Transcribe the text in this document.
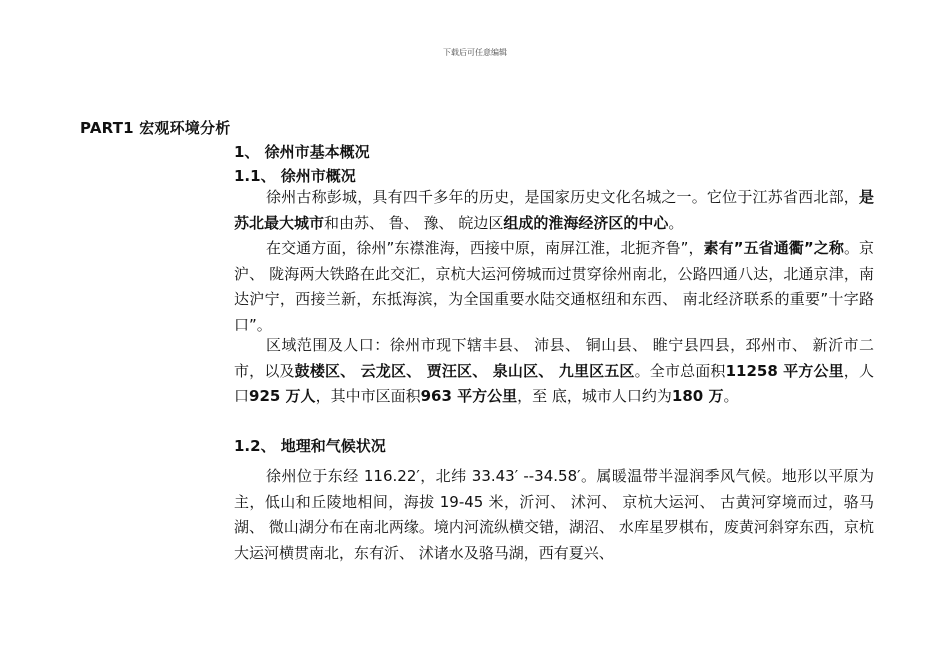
下载后可任意编辑
PART1 宏观环境分析
1、 徐州市基本概况
1.1、 徐州市概况
徐州古称彭城，具有四千多年的历史，是国家历史文化名城之一。它位于江苏省西北部，是苏北最大城市和由苏、 鲁、 豫、 皖边区组成的淮海经济区的中心。
在交通方面，徐州”东襟淮海，西接中原，南屏江淮，北扼齐鲁”，素有”五省通衢”之称。京沪、 陇海两大铁路在此交汇，京杭大运河傍城而过贯穿徐州南北，公路四通八达，北通京津，南达沪宁，西接兰新，东抵海滨，为全国重要水陆交通枢纽和东西、 南北经济联系的重要”十字路口”。
区域范围及人口：徐州市现下辖丰县、 沛县、 铜山县、 睢宁县四县，邳州市、 新沂市二市，以及鼓楼区、 云龙区、 贾汪区、 泉山区、 九里区五区。全市总面积11258 平方公里，人口925 万人，其中市区面积963 平方公里，至 底，城市人口约为180 万。
1.2、 地理和气候状况
徐州位于东经 116.22′，北纬 33.43′ --34.58′。属暖温带半湿润季风气候。地形以平原为主，低山和丘陵地相间，海拔 19-45 米，沂河、 沭河、 京杭大运河、 古黄河穿境而过，骆马湖、 微山湖分布在南北两缘。境内河流纵横交错，湖沼、 水库星罗棋布，废黄河斜穿东西，京杭大运河横贯南北，东有沂、 沭诸水及骆马湖，西有夏兴、
